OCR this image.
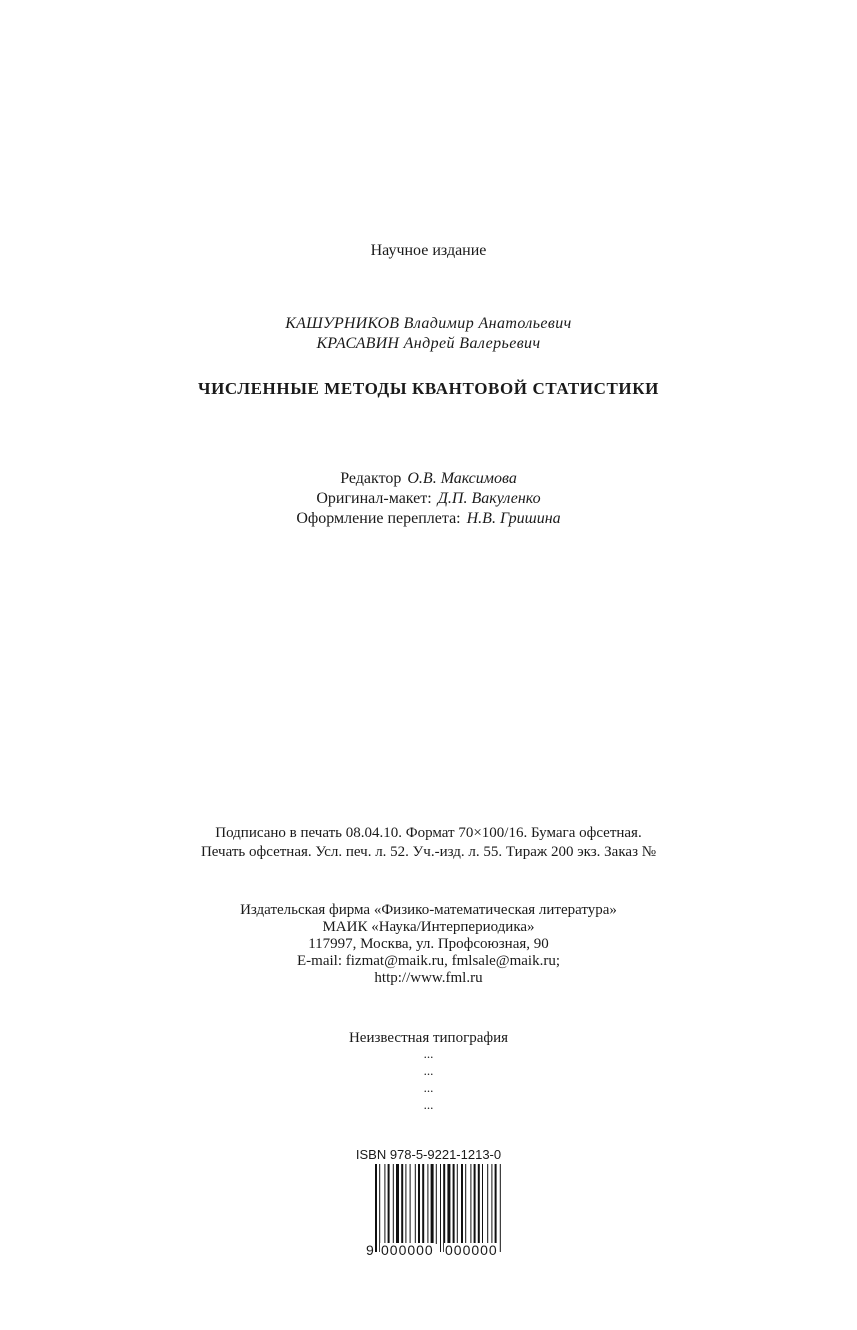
Научное издание
КАШУРНИКОВ Владимир Анатольевич
КРАСАВИН Андрей Валерьевич
ЧИСЛЕННЫЕ МЕТОДЫ КВАНТОВОЙ СТАТИСТИКИ
Редактор О.В. Максимова
Оригинал-макет: Д.П. Вакуленко
Оформление переплета: Н.В. Гришина
Подписано в печать 08.04.10. Формат 70×100/16. Бумага офсетная.
Печать офсетная. Усл. печ. л. 52. Уч.-изд. л. 55. Тираж 200 экз. Заказ №
Издательская фирма «Физико-математическая литература»
МАИК «Наука/Интерпериодика»
117997, Москва, ул. Профсоюзная, 90
E-mail: fizmat@maik.ru, fmlsale@maik.ru;
http://www.fml.ru
Неизвестная типография
...
...
...
...
ISBN 978-5-9221-1213-0
9 000000 000000
